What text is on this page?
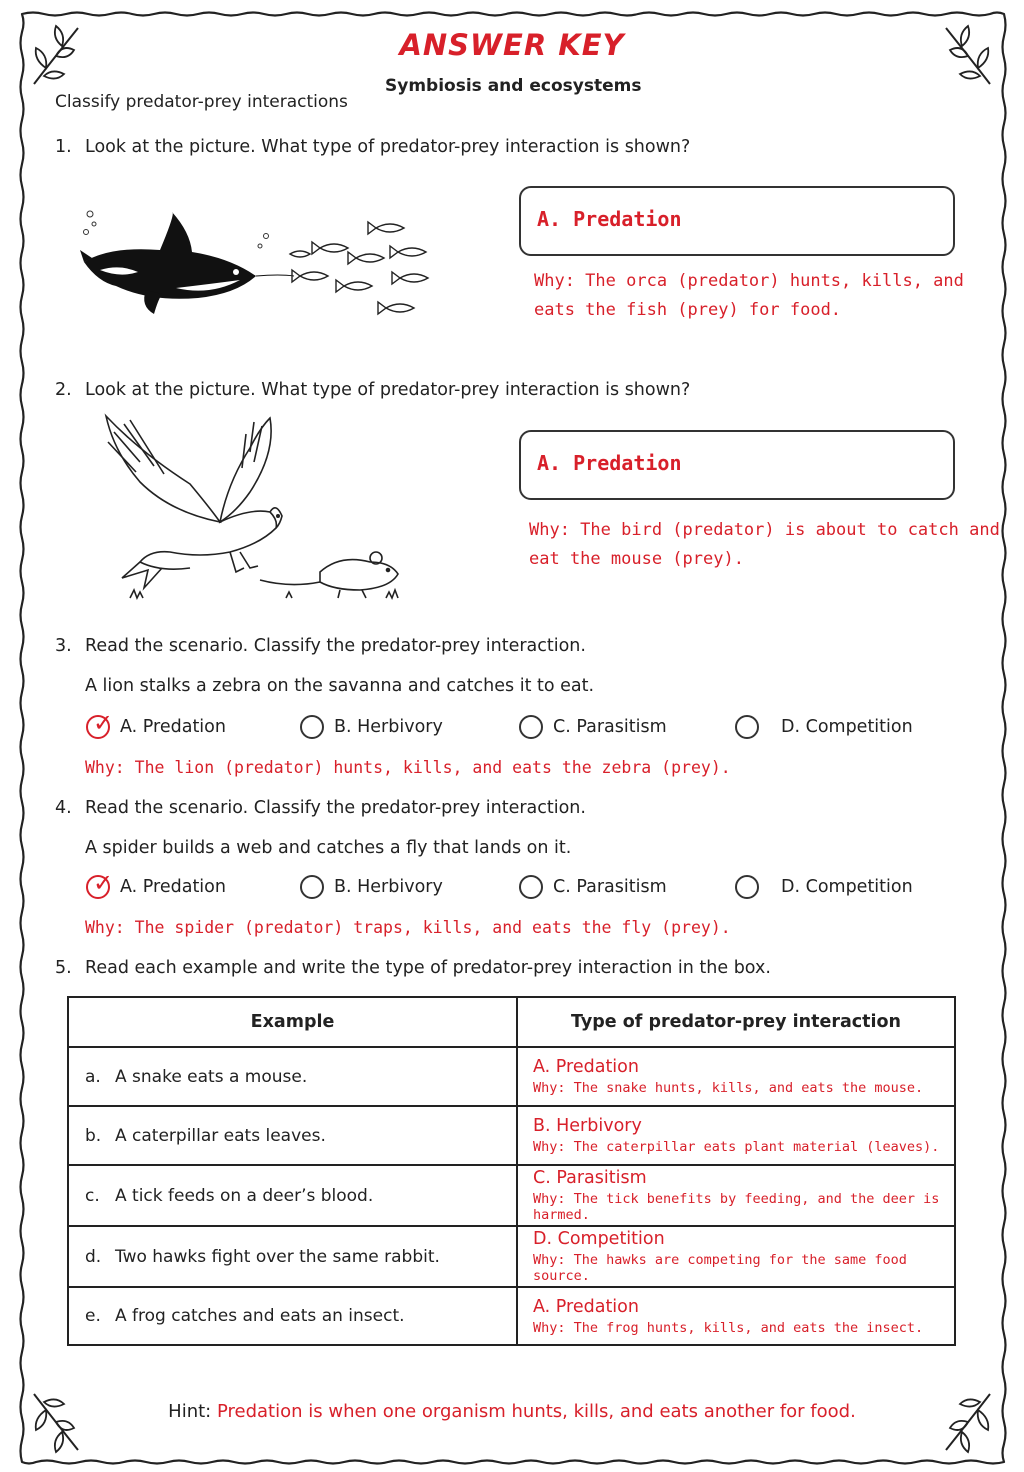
ANSWER KEY
Symbiosis and ecosystems
Classify predator-prey interactions
1. Look at the picture. What type of predator-prey interaction is shown?
A. Predation
Why: The orca (predator) hunts, kills, and
eats the fish (prey) for food.
2. Look at the picture. What type of predator-prey interaction is shown?
A. Predation
Why: The bird (predator) is about to catch and
eat the mouse (prey).
3. Read the scenario. Classify the predator-prey interaction.
A lion stalks a zebra on the savanna and catches it to eat.
✓ A. Predation	B. Herbivory	C. Parasitism	D. Competition
Why: The lion (predator) hunts, kills, and eats the zebra (prey).
4. Read the scenario. Classify the predator-prey interaction.
A spider builds a web and catches a fly that lands on it.
✓ A. Predation	B. Herbivory	C. Parasitism	D. Competition
Why: The spider (predator) traps, kills, and eats the fly (prey).
5. Read each example and write the type of predator-prey interaction in the box.
Example	Type of predator-prey interaction
a. A snake eats a mouse.	A. Predation
Why: The snake hunts, kills, and eats the mouse.

b. A caterpillar eats leaves.	B. Herbivory
Why: The caterpillar eats plant material (leaves).

c. A tick feeds on a deer’s blood.	C. Parasitism
Why: The tick benefits by feeding, and the deer is harmed.

d. Two hawks fight over the same rabbit.	D. Competition
Why: The hawks are competing for the same food source.

e. A frog catches and eats an insect.	A. Predation
Why: The frog hunts, kills, and eats the insect.
Hint: Predation is when one organism hunts, kills, and eats another for food.
